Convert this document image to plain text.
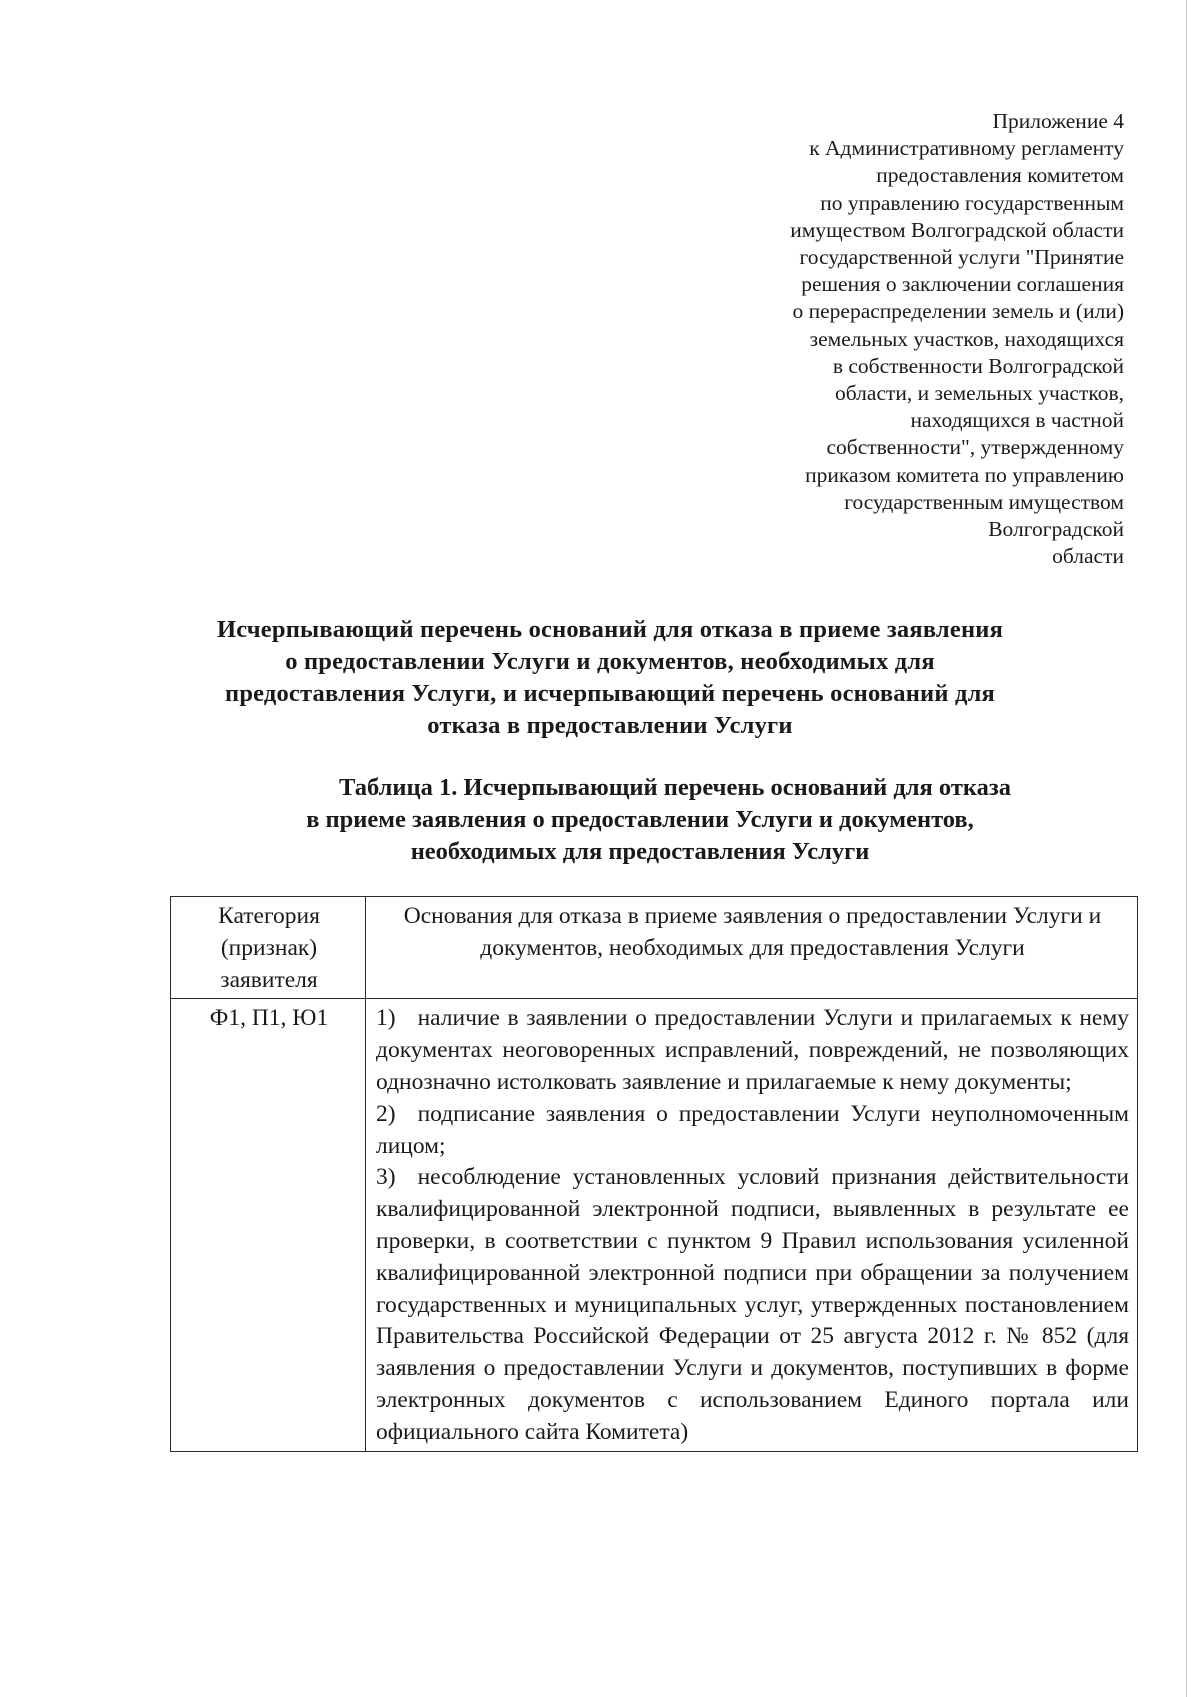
Приложение 4
к Административному регламенту
предоставления комитетом
по управлению государственным
имуществом Волгоградской области
государственной услуги "Принятие
решения о заключении соглашения
о перераспределении земель и (или)
земельных участков, находящихся
в собственности Волгоградской
области, и земельных участков,
находящихся в частной
собственности", утвержденному
приказом комитета по управлению
государственным имуществом
Волгоградской
области
Исчерпывающий перечень оснований для отказа в приеме заявления
о предоставлении Услуги и документов, необходимых для
предоставления Услуги, и исчерпывающий перечень оснований для
отказа в предоставлении Услуги
Таблица 1. Исчерпывающий перечень оснований для отказа
в приеме заявления о предоставлении Услуги и документов,
необходимых для предоставления Услуги
Категория (признак) заявителя	Основания для отказа в приеме заявления о предоставлении Услуги и документов, необходимых для предоставления Услуги
Ф1, П1, Ю1	1) наличие в заявлении о предоставлении Услуги и прилагаемых к нему документах неоговоренных исправлений, повреждений, не позволяющих однозначно истолковать заявление и прилагаемые к нему документы;
2) подписание заявления о предоставлении Услуги неуполномоченным лицом;
3) несоблюдение установленных условий признания действительности квалифицированной электронной подписи, выявленных в результате ее проверки, в соответствии с пунктом 9 Правил использования усиленной квалифицированной электронной подписи при обращении за получением государственных и муниципальных услуг, утвержденных постановлением Правительства Российской Федерации от 25 августа 2012 г. № 852 (для заявления о предоставлении Услуги и документов, поступивших в форме электронных документов с использованием Единого портала или официального сайта Комитета)
